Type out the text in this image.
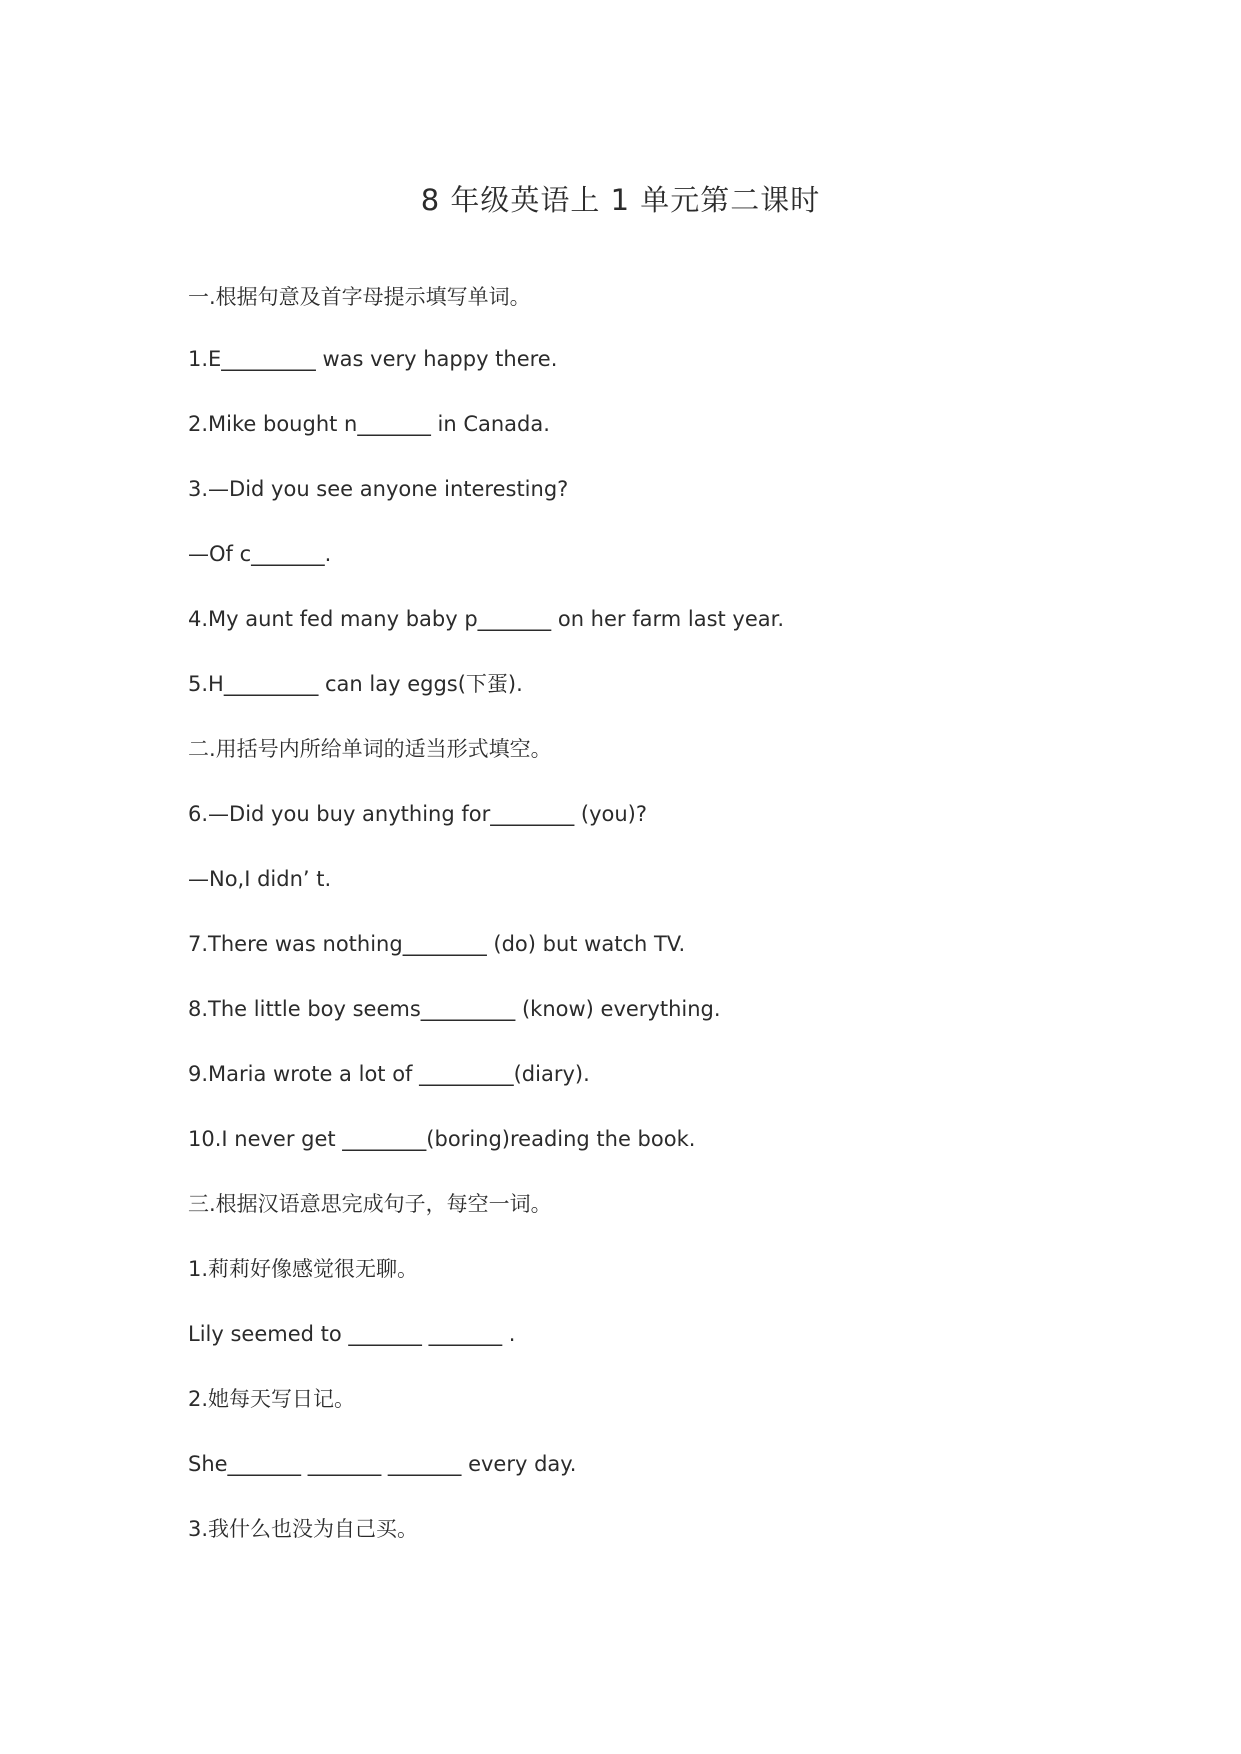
8 年级英语上 1 单元第二课时
一.根据句意及首字母提示填写单词。
1.E_________ was very happy there.
2.Mike bought n_______ in Canada.
3.—Did you see anyone interesting?
—Of c_______.
4.My aunt fed many baby p_______ on her farm last year.
5.H_________ can lay eggs(下蛋).
二.用括号内所给单词的适当形式填空。
6.—Did you buy anything for________ (you)?
—No,I didn’ t.
7.There was nothing________ (do) but watch TV.
8.The little boy seems_________ (know) everything.
9.Maria wrote a lot of _________(diary).
10.I never get ________(boring)reading the book.
三.根据汉语意思完成句子，每空一词。
1.莉莉好像感觉很无聊。
Lily seemed to _______ _______ .
2.她每天写日记。
She_______ _______ _______ every day.
3.我什么也没为自己买。
